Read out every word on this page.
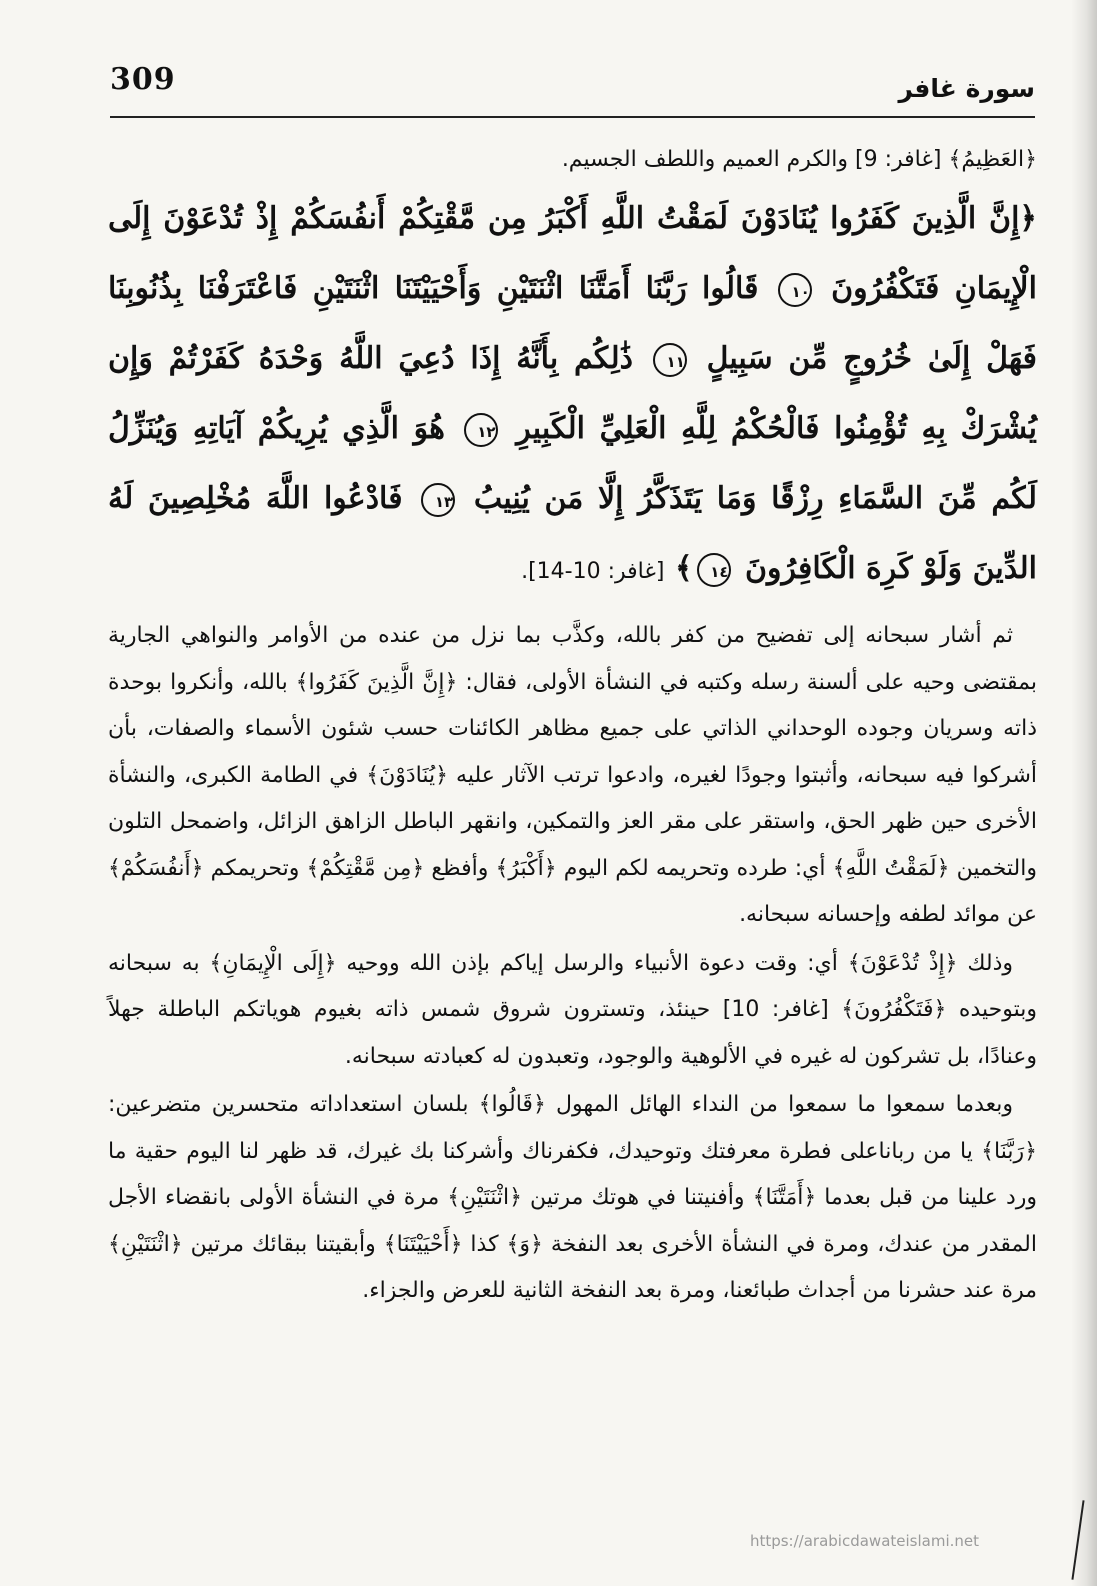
309	سورة غافر

﴿العَظِيمُ﴾ [غافر: 9] والكرم العميم واللطف الجسيم.

﴿إِنَّ الَّذِينَ كَفَرُوا يُنَادَوْنَ لَمَقْتُ اللَّهِ أَكْبَرُ مِن مَّقْتِكُمْ أَنفُسَكُمْ إِذْ تُدْعَوْنَ إِلَى الْإِيمَانِ فَتَكْفُرُونَ ١٠ قَالُوا رَبَّنَا أَمَتَّنَا اثْنَتَيْنِ وَأَحْيَيْتَنَا اثْنَتَيْنِ فَاعْتَرَفْنَا بِذُنُوبِنَا فَهَلْ إِلَىٰ خُرُوجٍ مِّن سَبِيلٍ ١١ ذَٰلِكُم بِأَنَّهُ إِذَا دُعِيَ اللَّهُ وَحْدَهُ كَفَرْتُمْ وَإِن يُشْرَكْ بِهِ تُؤْمِنُوا فَالْحُكْمُ لِلَّهِ الْعَلِيِّ الْكَبِيرِ ١٢ هُوَ الَّذِي يُرِيكُمْ آيَاتِهِ وَيُنَزِّلُ لَكُم مِّنَ السَّمَاءِ رِزْقًا وَمَا يَتَذَكَّرُ إِلَّا مَن يُنِيبُ ١٣ فَادْعُوا اللَّهَ مُخْلِصِينَ لَهُ الدِّينَ وَلَوْ كَرِهَ الْكَافِرُونَ ١٤﴾ [غافر: 10-14].

ثم أشار سبحانه إلى تفضيح من كفر بالله، وكذَّب بما نزل من عنده من الأوامر والنواهي الجارية بمقتضى وحيه على ألسنة رسله وكتبه في النشأة الأولى، فقال: ﴿إِنَّ الَّذِينَ كَفَرُوا﴾ بالله، وأنكروا بوحدة ذاته وسريان وجوده الوحداني الذاتي على جميع مظاهر الكائنات حسب شئون الأسماء والصفات، بأن أشركوا فيه سبحانه، وأثبتوا وجودًا لغيره، وادعوا ترتب الآثار عليه ﴿يُنَادَوْنَ﴾ في الطامة الكبرى، والنشأة الأخرى حين ظهر الحق، واستقر على مقر العز والتمكين، وانقهر الباطل الزاهق الزائل، واضمحل التلون والتخمين ﴿لَمَقْتُ اللَّهِ﴾ أي: طرده وتحريمه لكم اليوم ﴿أَكْبَرُ﴾ وأفظع ﴿مِن مَّقْتِكُمْ﴾ وتحريمكم ﴿أَنفُسَكُمْ﴾ عن موائد لطفه وإحسانه سبحانه.

وذلك ﴿إِذْ تُدْعَوْنَ﴾ أي: وقت دعوة الأنبياء والرسل إياكم بإذن الله ووحيه ﴿إِلَى الْإِيمَانِ﴾ به سبحانه وبتوحيده ﴿فَتَكْفُرُونَ﴾ [غافر: 10] حينئذ، وتسترون شروق شمس ذاته بغيوم هوياتكم الباطلة جهلاً وعنادًا، بل تشركون له غيره في الألوهية والوجود، وتعبدون له كعبادته سبحانه.

وبعدما سمعوا ما سمعوا من النداء الهائل المهول ﴿قَالُوا﴾ بلسان استعداداته متحسرين متضرعين: ﴿رَبَّنَا﴾ يا من رباناعلى فطرة معرفتك وتوحيدك، فكفرناك وأشركنا بك غيرك، قد ظهر لنا اليوم حقية ما ورد علينا من قبل بعدما ﴿أَمَتَّنَا﴾ وأفنيتنا في هوتك مرتين ﴿اثْنَتَيْنِ﴾ مرة في النشأة الأولى بانقضاء الأجل المقدر من عندك، ومرة في النشأة الأخرى بعد النفخة ﴿وَ﴾ كذا ﴿أَحْيَيْتَنَا﴾ وأبقيتنا ببقائك مرتين ﴿اثْنَتَيْنِ﴾ مرة عند حشرنا من أجداث طبائعنا، ومرة بعد النفخة الثانية للعرض والجزاء.

https://arabicdawateislami.net
